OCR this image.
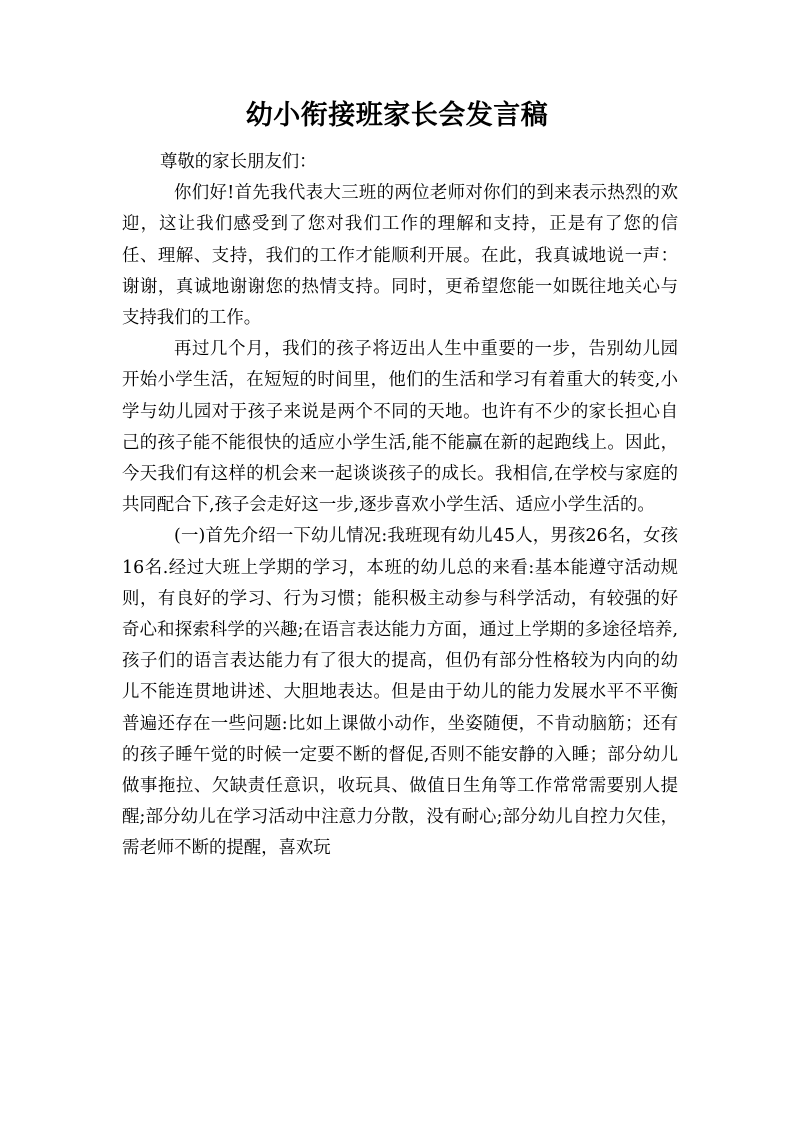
幼小衔接班家长会发言稿

尊敬的家长朋友们：

你们好!首先我代表大三班的两位老师对你们的到来表示热烈的欢迎，这让我们感受到了您对我们工作的理解和支持，正是有了您的信任、理解、支持，我们的工作才能顺利开展。在此，我真诚地说一声：谢谢，真诚地谢谢您的热情支持。同时，更希望您能一如既往地关心与支持我们的工作。

再过几个月，我们的孩子将迈出人生中重要的一步，告别幼儿园开始小学生活，在短短的时间里，他们的生活和学习有着重大的转变,小学与幼儿园对于孩子来说是两个不同的天地。也许有不少的家长担心自己的孩子能不能很快的适应小学生活,能不能赢在新的起跑线上。因此，今天我们有这样的机会来一起谈谈孩子的成长。我相信,在学校与家庭的共同配合下,孩子会走好这一步,逐步喜欢小学生活、适应小学生活的。

(一)首先介绍一下幼儿情况:我班现有幼儿45人，男孩26名，女孩16名.经过大班上学期的学习，本班的幼儿总的来看:基本能遵守活动规则，有良好的学习、行为习惯；能积极主动参与科学活动，有较强的好奇心和探索科学的兴趣;在语言表达能力方面，通过上学期的多途径培养,孩子们的语言表达能力有了很大的提高，但仍有部分性格较为内向的幼儿不能连贯地讲述、大胆地表达。但是由于幼儿的能力发展水平不平衡普遍还存在一些问题:比如上课做小动作，坐姿随便，不肯动脑筋；还有的孩子睡午觉的时候一定要不断的督促,否则不能安静的入睡；部分幼儿做事拖拉、欠缺责任意识，收玩具、做值日生角等工作常常需要别人提醒;部分幼儿在学习活动中注意力分散，没有耐心;部分幼儿自控力欠佳，需老师不断的提醒，喜欢玩
